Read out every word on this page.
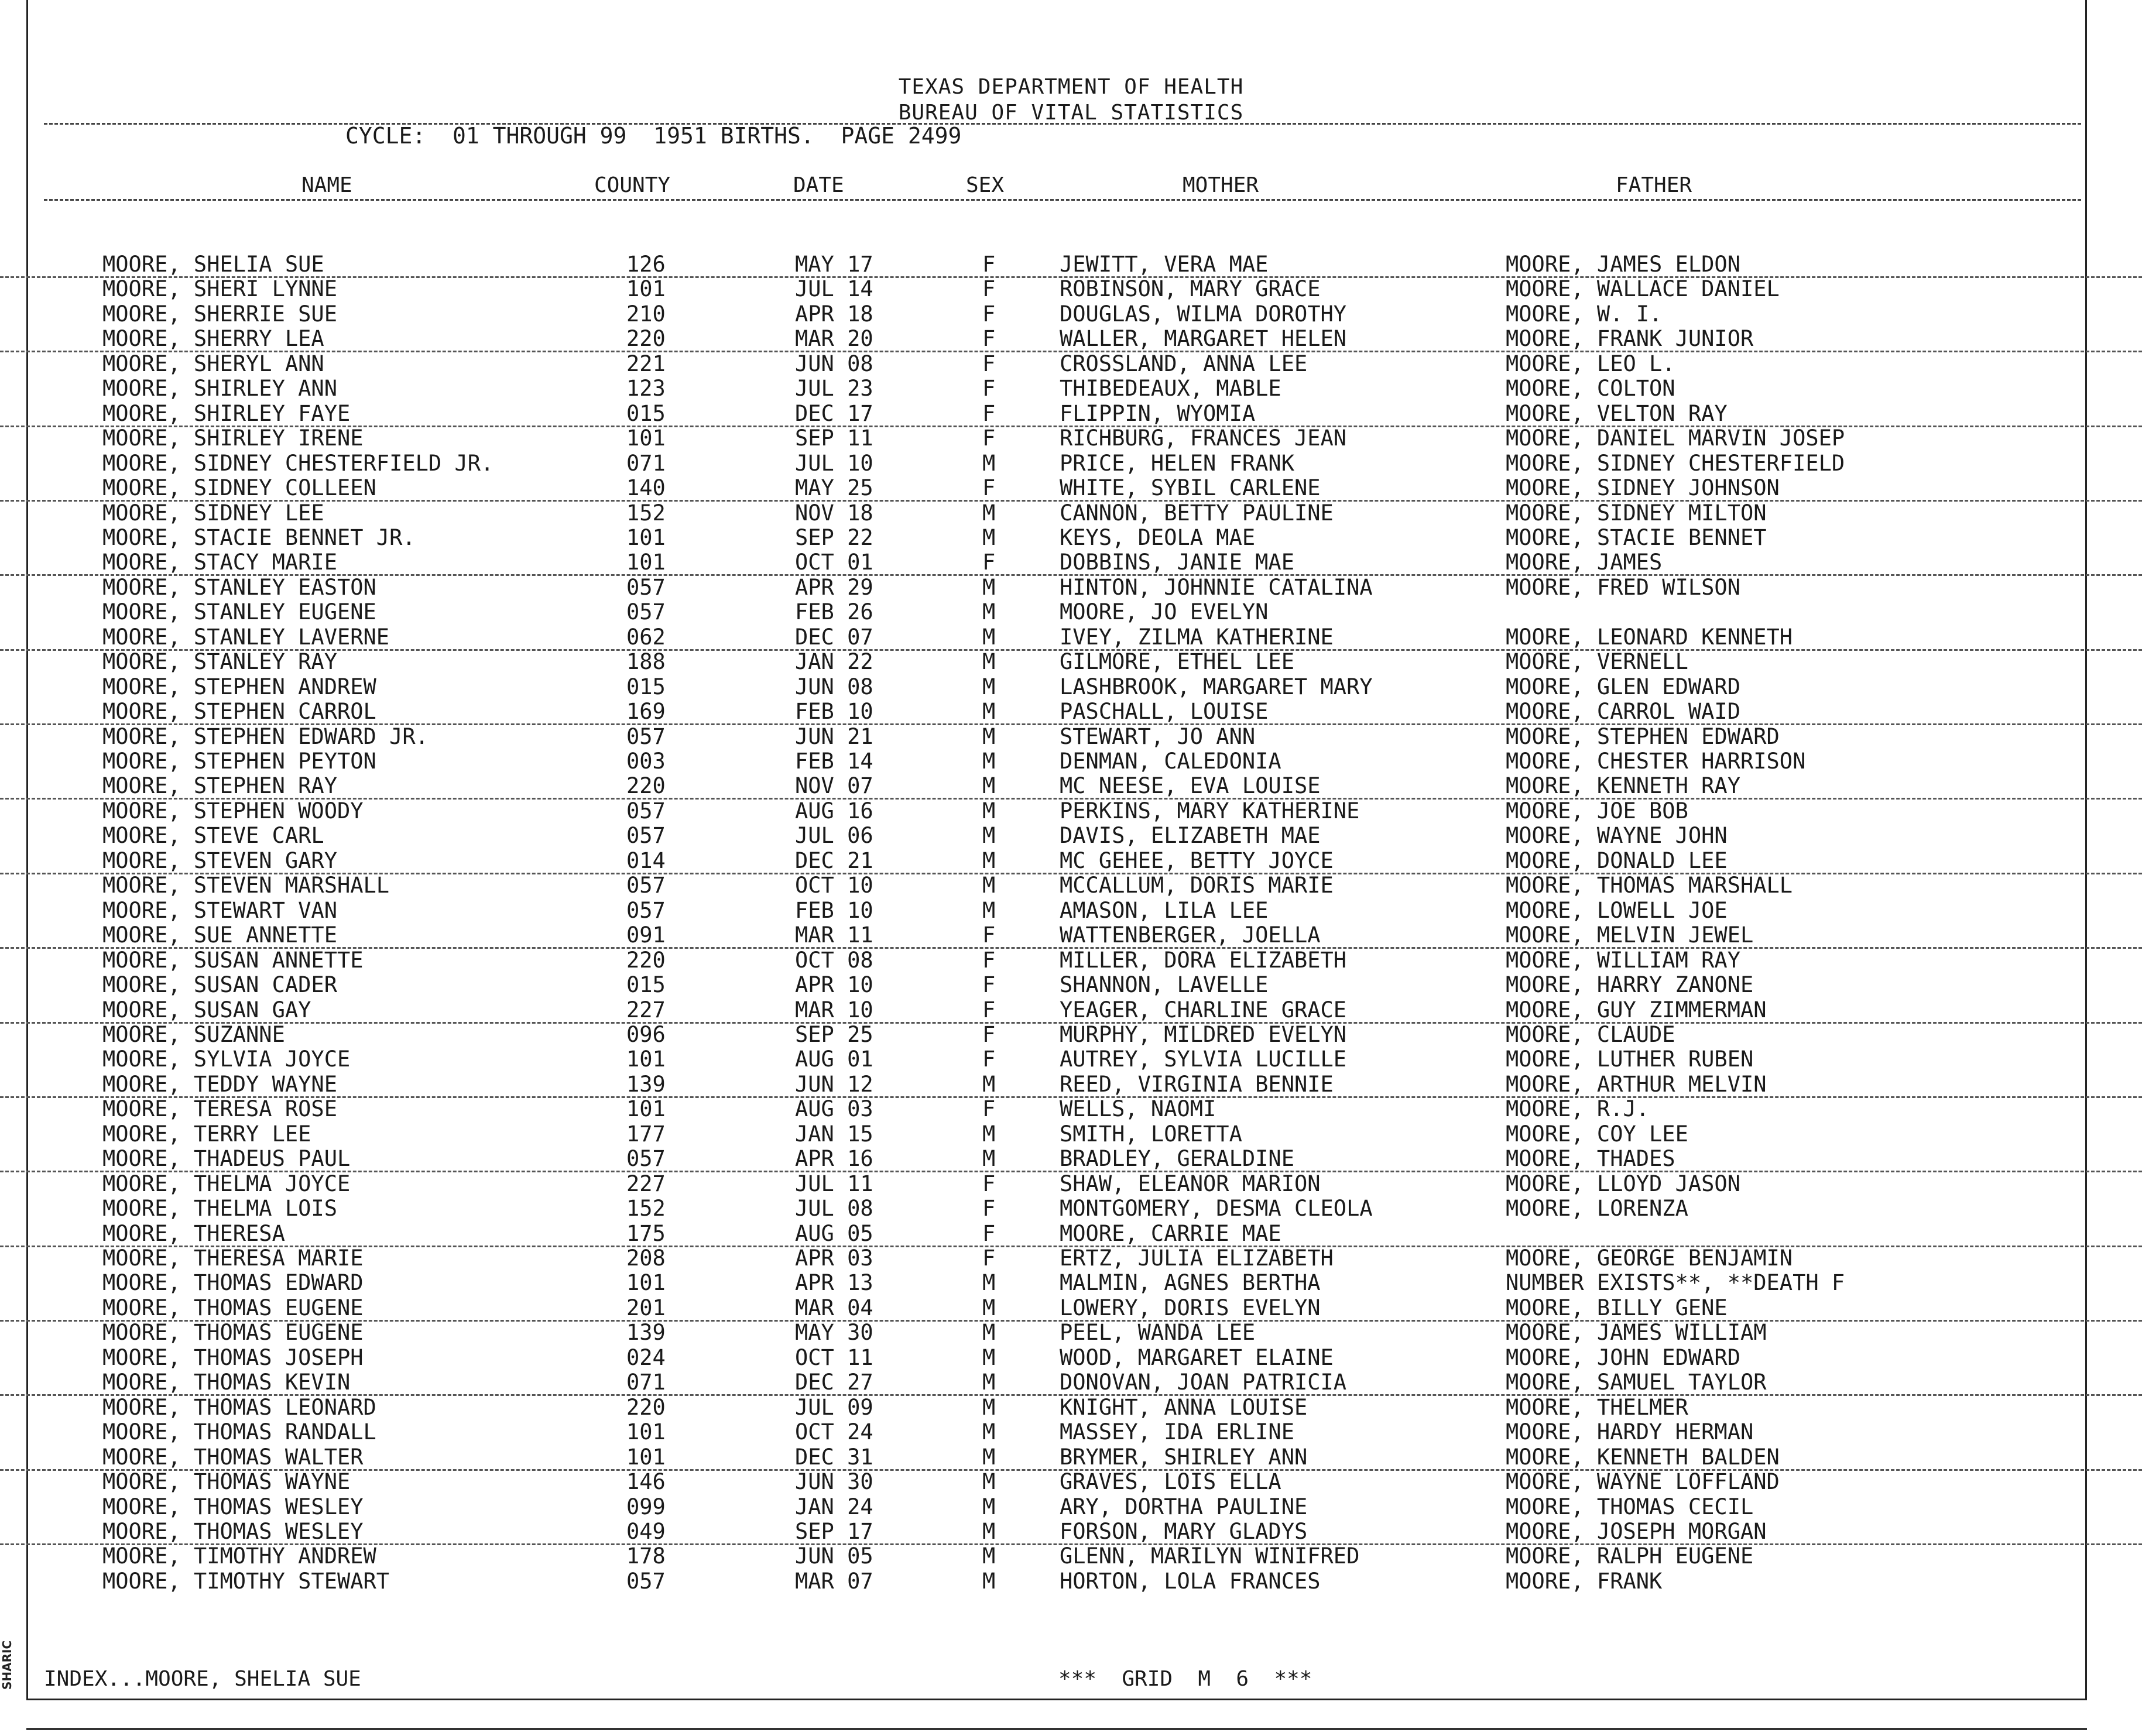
SHARIC
TEXAS DEPARTMENT OF HEALTH
BUREAU OF VITAL STATISTICS
CYCLE:  01 THROUGH 99  1951 BIRTHS.  PAGE 2499
NAME	COUNTY	DATE	SEX	MOTHER	FATHER
MOORE, SHELIA SUE	126	MAY 17	F	JEWITT, VERA MAE	MOORE, JAMES ELDON
MOORE, SHERI LYNNE	101	JUL 14	F	ROBINSON, MARY GRACE	MOORE, WALLACE DANIEL
MOORE, SHERRIE SUE	210	APR 18	F	DOUGLAS, WILMA DOROTHY	MOORE, W. I.
MOORE, SHERRY LEA	220	MAR 20	F	WALLER, MARGARET HELEN	MOORE, FRANK JUNIOR
MOORE, SHERYL ANN	221	JUN 08	F	CROSSLAND, ANNA LEE	MOORE, LEO L.
MOORE, SHIRLEY ANN	123	JUL 23	F	THIBEDEAUX, MABLE	MOORE, COLTON
MOORE, SHIRLEY FAYE	015	DEC 17	F	FLIPPIN, WYOMIA	MOORE, VELTON RAY
MOORE, SHIRLEY IRENE	101	SEP 11	F	RICHBURG, FRANCES JEAN	MOORE, DANIEL MARVIN JOSEP
MOORE, SIDNEY CHESTERFIELD JR.	071	JUL 10	M	PRICE, HELEN FRANK	MOORE, SIDNEY CHESTERFIELD
MOORE, SIDNEY COLLEEN	140	MAY 25	F	WHITE, SYBIL CARLENE	MOORE, SIDNEY JOHNSON
MOORE, SIDNEY LEE	152	NOV 18	M	CANNON, BETTY PAULINE	MOORE, SIDNEY MILTON
MOORE, STACIE BENNET JR.	101	SEP 22	M	KEYS, DEOLA MAE	MOORE, STACIE BENNET
MOORE, STACY MARIE	101	OCT 01	F	DOBBINS, JANIE MAE	MOORE, JAMES
MOORE, STANLEY EASTON	057	APR 29	M	HINTON, JOHNNIE CATALINA	MOORE, FRED WILSON
MOORE, STANLEY EUGENE	057	FEB 26	M	MOORE, JO EVELYN
MOORE, STANLEY LAVERNE	062	DEC 07	M	IVEY, ZILMA KATHERINE	MOORE, LEONARD KENNETH
MOORE, STANLEY RAY	188	JAN 22	M	GILMORE, ETHEL LEE	MOORE, VERNELL
MOORE, STEPHEN ANDREW	015	JUN 08	M	LASHBROOK, MARGARET MARY	MOORE, GLEN EDWARD
MOORE, STEPHEN CARROL	169	FEB 10	M	PASCHALL, LOUISE	MOORE, CARROL WAID
MOORE, STEPHEN EDWARD JR.	057	JUN 21	M	STEWART, JO ANN	MOORE, STEPHEN EDWARD
MOORE, STEPHEN PEYTON	003	FEB 14	M	DENMAN, CALEDONIA	MOORE, CHESTER HARRISON
MOORE, STEPHEN RAY	220	NOV 07	M	MC NEESE, EVA LOUISE	MOORE, KENNETH RAY
MOORE, STEPHEN WOODY	057	AUG 16	M	PERKINS, MARY KATHERINE	MOORE, JOE BOB
MOORE, STEVE CARL	057	JUL 06	M	DAVIS, ELIZABETH MAE	MOORE, WAYNE JOHN
MOORE, STEVEN GARY	014	DEC 21	M	MC GEHEE, BETTY JOYCE	MOORE, DONALD LEE
MOORE, STEVEN MARSHALL	057	OCT 10	M	MCCALLUM, DORIS MARIE	MOORE, THOMAS MARSHALL
MOORE, STEWART VAN	057	FEB 10	M	AMASON, LILA LEE	MOORE, LOWELL JOE
MOORE, SUE ANNETTE	091	MAR 11	F	WATTENBERGER, JOELLA	MOORE, MELVIN JEWEL
MOORE, SUSAN ANNETTE	220	OCT 08	F	MILLER, DORA ELIZABETH	MOORE, WILLIAM RAY
MOORE, SUSAN CADER	015	APR 10	F	SHANNON, LAVELLE	MOORE, HARRY ZANONE
MOORE, SUSAN GAY	227	MAR 10	F	YEAGER, CHARLINE GRACE	MOORE, GUY ZIMMERMAN
MOORE, SUZANNE	096	SEP 25	F	MURPHY, MILDRED EVELYN	MOORE, CLAUDE
MOORE, SYLVIA JOYCE	101	AUG 01	F	AUTREY, SYLVIA LUCILLE	MOORE, LUTHER RUBEN
MOORE, TEDDY WAYNE	139	JUN 12	M	REED, VIRGINIA BENNIE	MOORE, ARTHUR MELVIN
MOORE, TERESA ROSE	101	AUG 03	F	WELLS, NAOMI	MOORE, R.J.
MOORE, TERRY LEE	177	JAN 15	M	SMITH, LORETTA	MOORE, COY LEE
MOORE, THADEUS PAUL	057	APR 16	M	BRADLEY, GERALDINE	MOORE, THADES
MOORE, THELMA JOYCE	227	JUL 11	F	SHAW, ELEANOR MARION	MOORE, LLOYD JASON
MOORE, THELMA LOIS	152	JUL 08	F	MONTGOMERY, DESMA CLEOLA	MOORE, LORENZA
MOORE, THERESA	175	AUG 05	F	MOORE, CARRIE MAE
MOORE, THERESA MARIE	208	APR 03	F	ERTZ, JULIA ELIZABETH	MOORE, GEORGE BENJAMIN
MOORE, THOMAS EDWARD	101	APR 13	M	MALMIN, AGNES BERTHA	NUMBER EXISTS**, **DEATH F
MOORE, THOMAS EUGENE	201	MAR 04	M	LOWERY, DORIS EVELYN	MOORE, BILLY GENE
MOORE, THOMAS EUGENE	139	MAY 30	M	PEEL, WANDA LEE	MOORE, JAMES WILLIAM
MOORE, THOMAS JOSEPH	024	OCT 11	M	WOOD, MARGARET ELAINE	MOORE, JOHN EDWARD
MOORE, THOMAS KEVIN	071	DEC 27	M	DONOVAN, JOAN PATRICIA	MOORE, SAMUEL TAYLOR
MOORE, THOMAS LEONARD	220	JUL 09	M	KNIGHT, ANNA LOUISE	MOORE, THELMER
MOORE, THOMAS RANDALL	101	OCT 24	M	MASSEY, IDA ERLINE	MOORE, HARDY HERMAN
MOORE, THOMAS WALTER	101	DEC 31	M	BRYMER, SHIRLEY ANN	MOORE, KENNETH BALDEN
MOORE, THOMAS WAYNE	146	JUN 30	M	GRAVES, LOIS ELLA	MOORE, WAYNE LOFFLAND
MOORE, THOMAS WESLEY	099	JAN 24	M	ARY, DORTHA PAULINE	MOORE, THOMAS CECIL
MOORE, THOMAS WESLEY	049	SEP 17	M	FORSON, MARY GLADYS	MOORE, JOSEPH MORGAN
MOORE, TIMOTHY ANDREW	178	JUN 05	M	GLENN, MARILYN WINIFRED	MOORE, RALPH EUGENE
MOORE, TIMOTHY STEWART	057	MAR 07	M	HORTON, LOLA FRANCES	MOORE, FRANK
INDEX...MOORE, SHELIA SUE	***  GRID  M  6  ***
